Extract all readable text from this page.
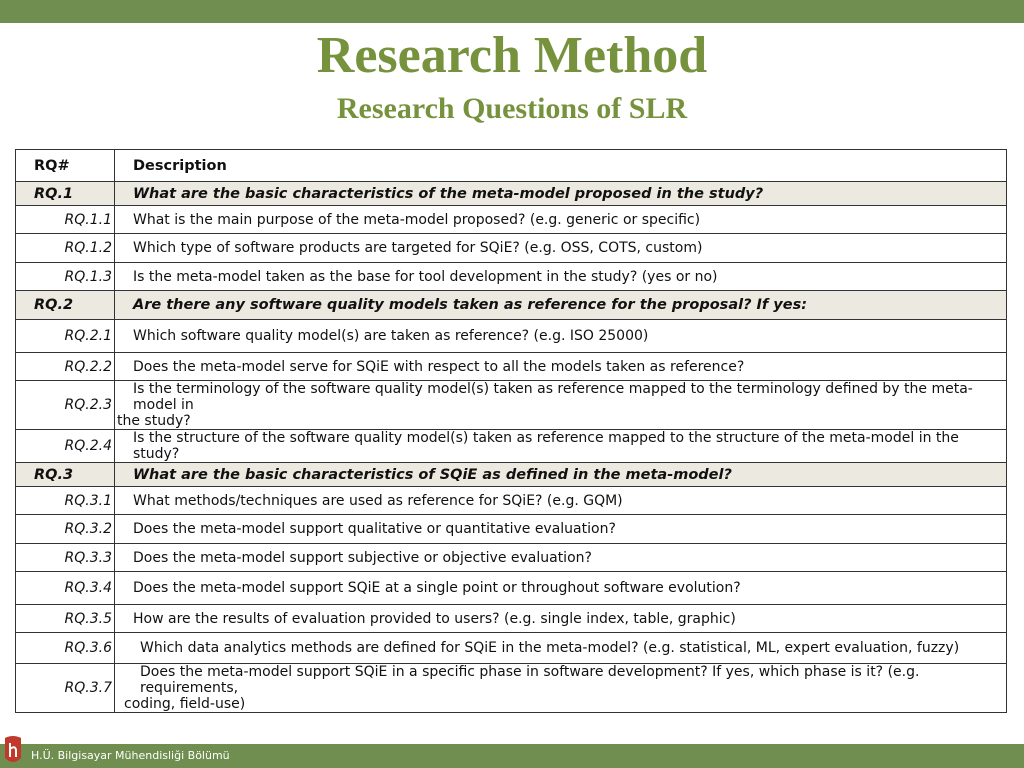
Research Method
Research Questions of SLR
RQ#	Description
RQ.1	What are the basic characteristics of the meta-model proposed in the study?
RQ.1.1	What is the main purpose of the meta-model proposed? (e.g. generic or specific)
RQ.1.2	Which type of software products are targeted for SQiE? (e.g. OSS, COTS, custom)
RQ.1.3	Is the meta-model taken as the base for tool development in the study? (yes or no)
RQ.2	Are there any software quality models taken as reference for the proposal? If yes:
RQ.2.1	Which software quality model(s) are taken as reference? (e.g. ISO 25000)
RQ.2.2	Does the meta-model serve for SQiE with respect to all the models taken as reference?
RQ.2.3	Is the terminology of the software quality model(s) taken as reference mapped to the terminology defined by the meta-model in
the study?

RQ.2.4	Is the structure of the software quality model(s) taken as reference mapped to the structure of the meta-model in the study?
RQ.3	What are the basic characteristics of SQiE as defined in the meta-model?
RQ.3.1	What methods/techniques are used as reference for SQiE? (e.g. GQM)
RQ.3.2	Does the meta-model support qualitative or quantitative evaluation?
RQ.3.3	Does the meta-model support subjective or objective evaluation?
RQ.3.4	Does the meta-model support SQiE at a single point or throughout software evolution?
RQ.3.5	How are the results of evaluation provided to users? (e.g. single index, table, graphic)
RQ.3.6	Which data analytics methods are defined for SQiE in the meta-model? (e.g. statistical, ML, expert evaluation, fuzzy)
RQ.3.7	Does the meta-model support SQiE in a specific phase in software development? If yes, which phase is it? (e.g. requirements,
coding, field-use)
H.Ü. Bilgisayar Mühendisliği Bölümü
